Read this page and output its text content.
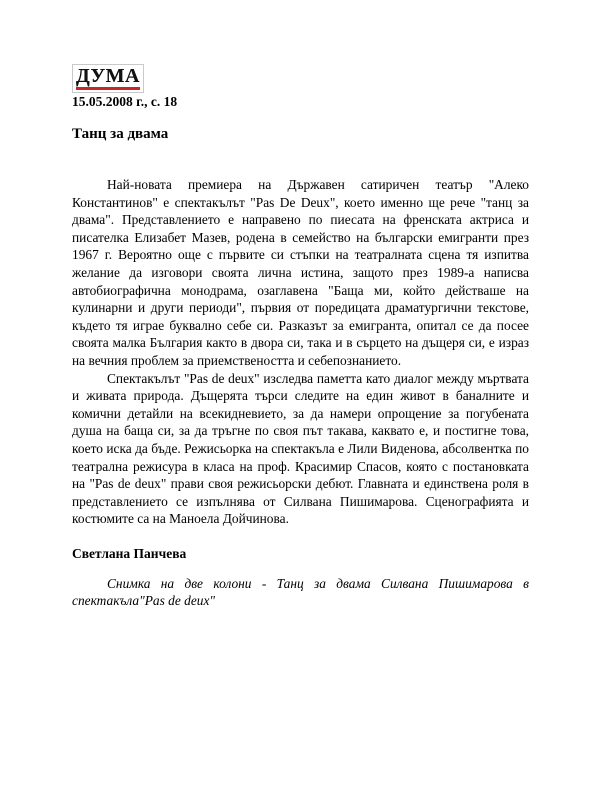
ДУМА
15.05.2008 г., с. 18
Танц за двама

Най-новата премиера на Държавен сатиричен театър "Алеко Константинов" е спектакълът "Pas De Deux", което именно ще рече "танц за двама". Представлението е направено по пиесата на френската актриса и писателка Елизабет Мазев, родена в семейство на български емигранти през 1967 г. Вероятно още с първите си стъпки на театралната сцена тя изпитва желание да изговори своята лична истина, защото през 1989-а написва автобиографична монодрама, озаглавена "Баща ми, който действаше на кулинарни и други периоди", първия от поредицата драматургични текстове, където тя играе буквално себе си. Разказът за емигранта, опитал се да посее своята малка България както в двора си, така и в сърцето на дъщеря си, е израз на вечния проблем за приемствеността и себепознанието.

Спектакълът "Pas de deux" изследва паметта като диалог между мъртвата и живата природа. Дъщерята търси следите на един живот в баналните и комични детайли на всекидневието, за да намери опрощение за погубената душа на баща си, за да тръгне по своя път такава, каквато е, и постигне това, което иска да бъде. Режисьорка на спектакъла е Лили Виденова, абсолвентка по театрална режисура в класа на проф. Красимир Спасов, която с постановката на "Pas de deux" прави своя режисьорски дебют. Главната и единствена роля в представлението се изпълнява от Силвана Пишимарова. Сценографията и костюмите са на Манoела Дойчинова.

Светлана Панчева
Снимка на две колони - Танц за двама Силвана Пишимарова в спектакъла"Pas de deux"
